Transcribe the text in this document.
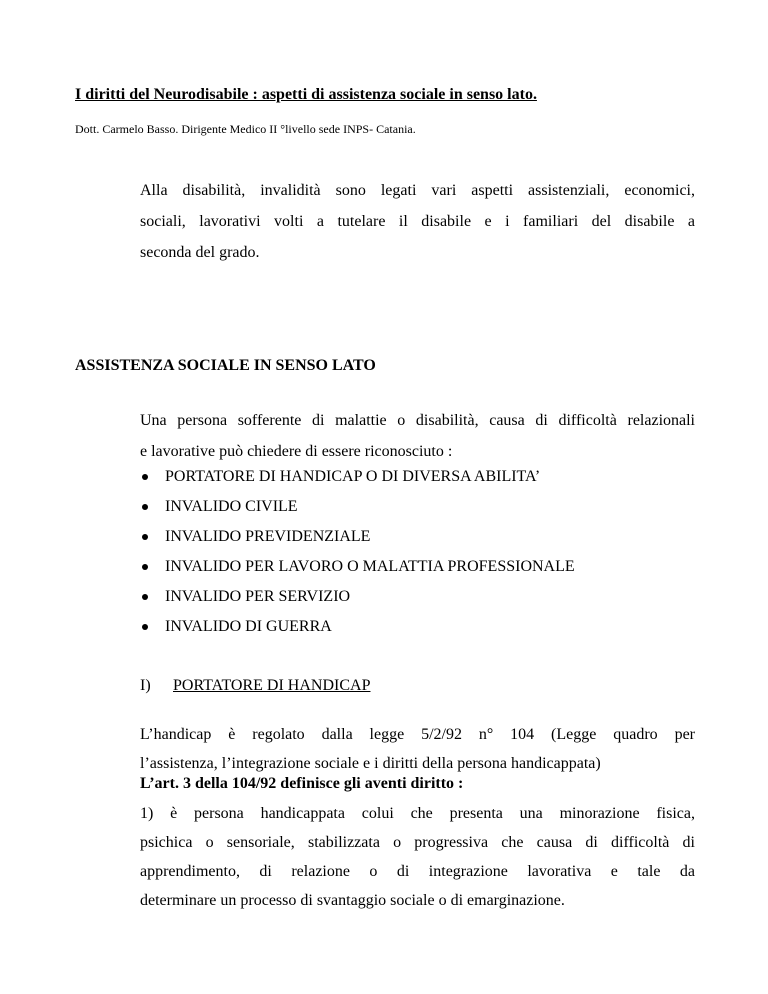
I diritti del Neurodisabile : aspetti di assistenza sociale in senso lato.
Dott. Carmelo Basso. Dirigente Medico II °livello sede INPS- Catania.
Alla disabilità, invalidità sono legati vari aspetti assistenziali, economici,
sociali, lavorativi volti a tutelare il disabile e i familiari del disabile a
seconda del grado.
ASSISTENZA SOCIALE IN SENSO LATO
Una persona sofferente di malattie o disabilità, causa di difficoltà relazionali
e lavorative può chiedere di essere riconosciuto :
PORTATORE DI HANDICAP O DI DIVERSA ABILITA’
INVALIDO CIVILE
INVALIDO PREVIDENZIALE
INVALIDO PER LAVORO O MALATTIA PROFESSIONALE
INVALIDO PER SERVIZIO
INVALIDO DI GUERRA
I) PORTATORE DI HANDICAP
L’handicap è regolato dalla legge 5/2/92 n° 104 (Legge quadro per
l’assistenza, l’integrazione sociale e i diritti della persona handicappata)
L’art. 3 della 104/92 definisce gli aventi diritto :
1) è persona handicappata colui che presenta una minorazione fisica,
psichica o sensoriale, stabilizzata o progressiva che causa di difficoltà di
apprendimento, di relazione o di integrazione lavorativa e tale da
determinare un processo di svantaggio sociale o di emarginazione.
